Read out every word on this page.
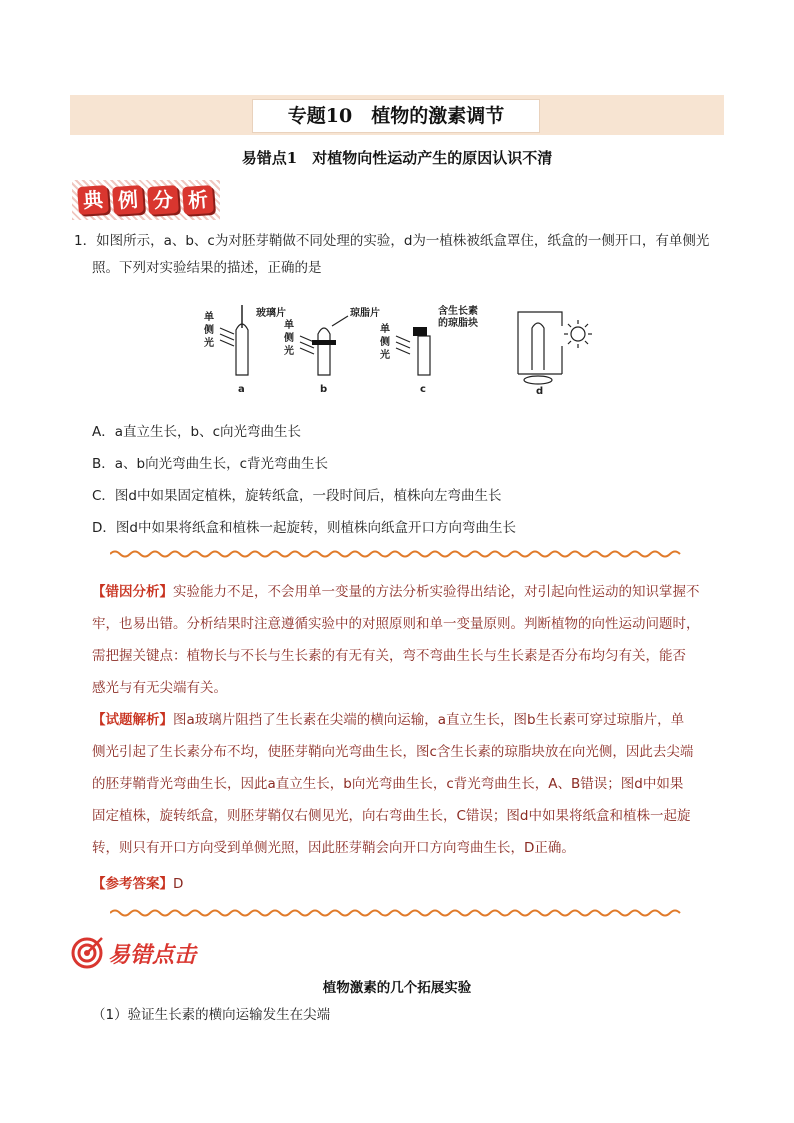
专题10　植物的激素调节
易错点1　对植物向性运动产生的原因认识不清
典 例 分 析
1．如图所示，a、b、c为对胚芽鞘做不同处理的实验，d为一植株被纸盒罩住，纸盒的一侧开口，有单侧光
照。下列对实验结果的描述，正确的是
单
侧
光
玻璃片
a
单
侧
光
琼脂片
b
单
侧
光
含生长素
的琼脂块
c	d
A．a直立生长，b、c向光弯曲生长
B．a、b向光弯曲生长，c背光弯曲生长
C．图d中如果固定植株，旋转纸盒，一段时间后，植株向左弯曲生长
D．图d中如果将纸盒和植株一起旋转，则植株向纸盒开口方向弯曲生长
【错因分析】实验能力不足，不会用单一变量的方法分析实验得出结论，对引起向性运动的知识掌握不
牢，也易出错。分析结果时注意遵循实验中的对照原则和单一变量原则。判断植物的向性运动问题时，
需把握关键点：植物长与不长与生长素的有无有关，弯不弯曲生长与生长素是否分布均匀有关，能否
感光与有无尖端有关。
【试题解析】图a玻璃片阻挡了生长素在尖端的横向运输，a直立生长，图b生长素可穿过琼脂片，单
侧光引起了生长素分布不均，使胚芽鞘向光弯曲生长，图c含生长素的琼脂块放在向光侧，因此去尖端
的胚芽鞘背光弯曲生长，因此a直立生长，b向光弯曲生长，c背光弯曲生长，A、B错误；图d中如果
固定植株，旋转纸盒，则胚芽鞘仅右侧见光，向右弯曲生长，C错误；图d中如果将纸盒和植株一起旋
转，则只有开口方向受到单侧光照，因此胚芽鞘会向开口方向弯曲生长，D正确。
【参考答案】D
易错点击
植物激素的几个拓展实验
（1）验证生长素的横向运输发生在尖端
